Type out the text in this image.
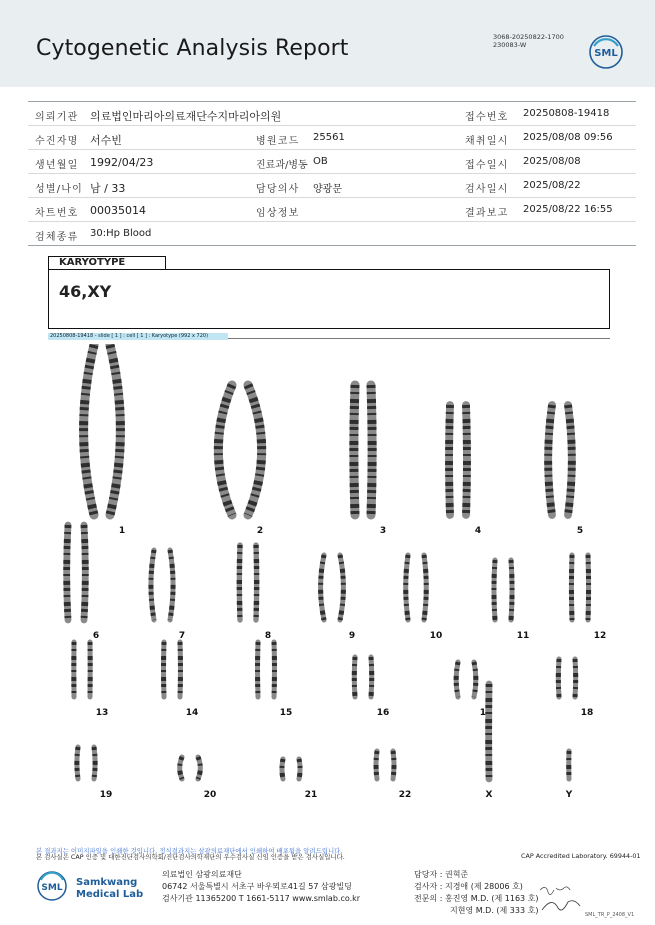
Cytogenetic Analysis Report	3068-20250822-1700
230083-W
SML
의뢰기관 의료법인마리아의료재단수지마리아의원	접수번호 20250808-19418
수진자명 서수빈	병원코드 25561	채취일시 2025/08/08 09:56
생년월일 1992/04/23	진료과/병동 OB	접수일시 2025/08/08
성별/나이 남 / 33	담당의사 양광문	검사일시 2025/08/22
차트번호 00035014	임상정보	결과보고 2025/08/22 16:55
검체종류 30:Hp Blood
KARYOTYPE
46,XY
20250808-19418 - slide [ 1 ] : cell [ 1 ] : Karyotype (992 x 720)
1	2	3	4	5
6	7	8	9	10	11	12
13	14	15	16	17	18
19	20	21	22	X	Y
본 결과지는 이미지파일을 인쇄한 것입니다. 정식결과지는 삼광의료재단에서 인쇄하여 배포됨을 알려드립니다.
본 검사실은 CAP 인증 및 대한진단검사의학회/진단검사의학재단의 우수검사실 신임 인증을 받은 검사실입니다.	CAP Accredited Laboratory. 69944-01
SML Samkwang
Medical Lab
의료법인 삼광의료재단
06742 서울특별시 서초구 바우뫼로41길 57 삼광빌딩
검사기관 11365200 T 1661-5117 www.smlab.co.kr
담당자 : 권혁준
검사자 : 지경애 (제 28006 호)
전문의 : 홍진영 M.D. (제 1163 호)
지현영 M.D. (제 333 호)	SML_TR_P_2408_V1
